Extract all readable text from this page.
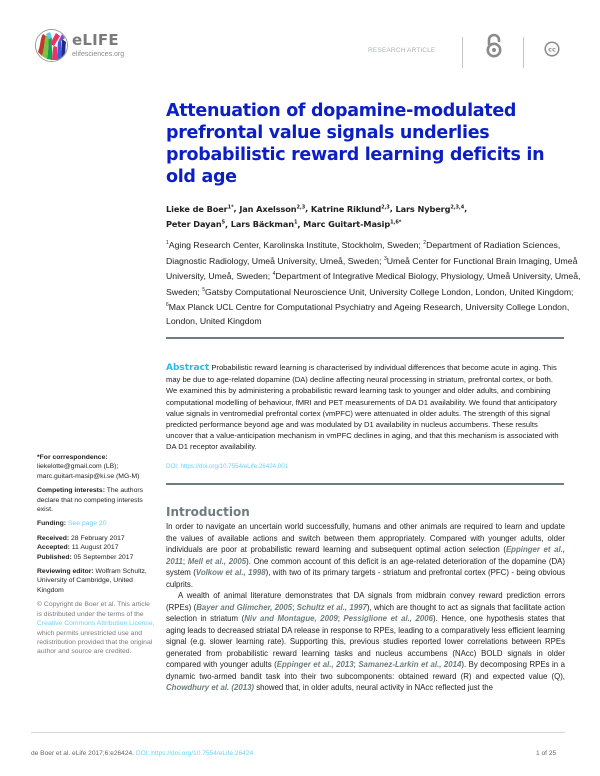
eLIFE
elifesciences.org	RESEARCH ARTICLE	cc
Attenuation of dopamine-modulated prefrontal value signals underlies probabilistic reward learning deficits in old age
Lieke de Boer$^{1*}$, Jan Axelsson$^{2,3}$, Katrine Riklund$^{2,3}$, Lars Nyberg$^{2,3,4}$,
Peter Dayan$^5$, Lars Bäckman$^1$, Marc Guitart-Masip$^{1,6*}$
$^1$Aging Research Center, Karolinska Institute, Stockholm, Sweden; $^2$Department of Radiation Sciences, Diagnostic Radiology, Umeå University, Umeå, Sweden; $^3$Umeå Center for Functional Brain Imaging, Umeå University, Umeå, Sweden; $^4$Department of Integrative Medical Biology, Physiology, Umeå University, Umeå, Sweden; $^5$Gatsby Computational Neuroscience Unit, University College London, London, United Kingdom; $^6$Max Planck UCL Centre for Computational Psychiatry and Ageing Research, University College London, London, United Kingdom
Abstract Probabilistic reward learning is characterised by individual differences that become acute in aging. This may be due to age-related dopamine (DA) decline affecting neural processing in striatum, prefrontal cortex, or both. We examined this by administering a probabilistic reward learning task to younger and older adults, and combining computational modelling of behaviour, fMRI and PET measurements of DA D1 availability. We found that anticipatory value signals in ventromedial prefrontal cortex (vmPFC) were attenuated in older adults. The strength of this signal predicted performance beyond age and was modulated by D1 availability in nucleus accumbens. These results uncover that a value-anticipation mechanism in vmPFC declines in aging, and that this mechanism is associated with DA D1 receptor availability.
DOI: https://doi.org/10.7554/eLife.26424.001

*For correspondence: liekelotte@gmail.com (LB); marc.guitart-masip@ki.se (MG-M)

Competing interests: The authors declare that no competing interests exist.

Funding: See page 20

Received: 28 February 2017
Accepted: 11 August 2017
Published: 05 September 2017

Reviewing editor: Wolfram Schultz, University of Cambridge, United Kingdom

© Copyright de Boer et al. This article is distributed under the terms of the Creative Commons Attribution License, which permits unrestricted use and redistribution provided that the original author and source are credited.

Introduction

In order to navigate an uncertain world successfully, humans and other animals are required to learn and update the values of available actions and switch between them appropriately. Compared with younger adults, older individuals are poor at probabilistic reward learning and subsequent optimal action selection (Eppinger et al., 2011; Mell et al., 2005). One common account of this deficit is an age-related deterioration of the dopamine (DA) system (Volkow et al., 1998), with two of its primary targets - striatum and prefrontal cortex (PFC) - being obvious culprits.

A wealth of animal literature demonstrates that DA signals from midbrain convey reward prediction errors (RPEs) (Bayer and Glimcher, 2005; Schultz et al., 1997), which are thought to act as signals that facilitate action selection in striatum (Niv and Montague, 2009; Pessiglione et al., 2006). Hence, one hypothesis states that aging leads to decreased striatal DA release in response to RPEs, leading to a comparatively less efficient learning signal (e.g. slower learning rate). Supporting this, previous studies reported lower correlations between RPEs generated from probabilistic reward learning tasks and nucleus accumbens (NAcc) BOLD signals in older compared with younger adults (Eppinger et al., 2013; Samanez-Larkin et al., 2014). By decomposing RPEs in a dynamic two-armed bandit task into their two subcomponents: obtained reward (R) and expected value (Q), Chowdhury et al. (2013) showed that, in older adults, neural activity in NAcc reflected just the

de Boer et al. eLife 2017;6:e26424. DOI: https://doi.org/10.7554/eLife.26424	1 of 25
